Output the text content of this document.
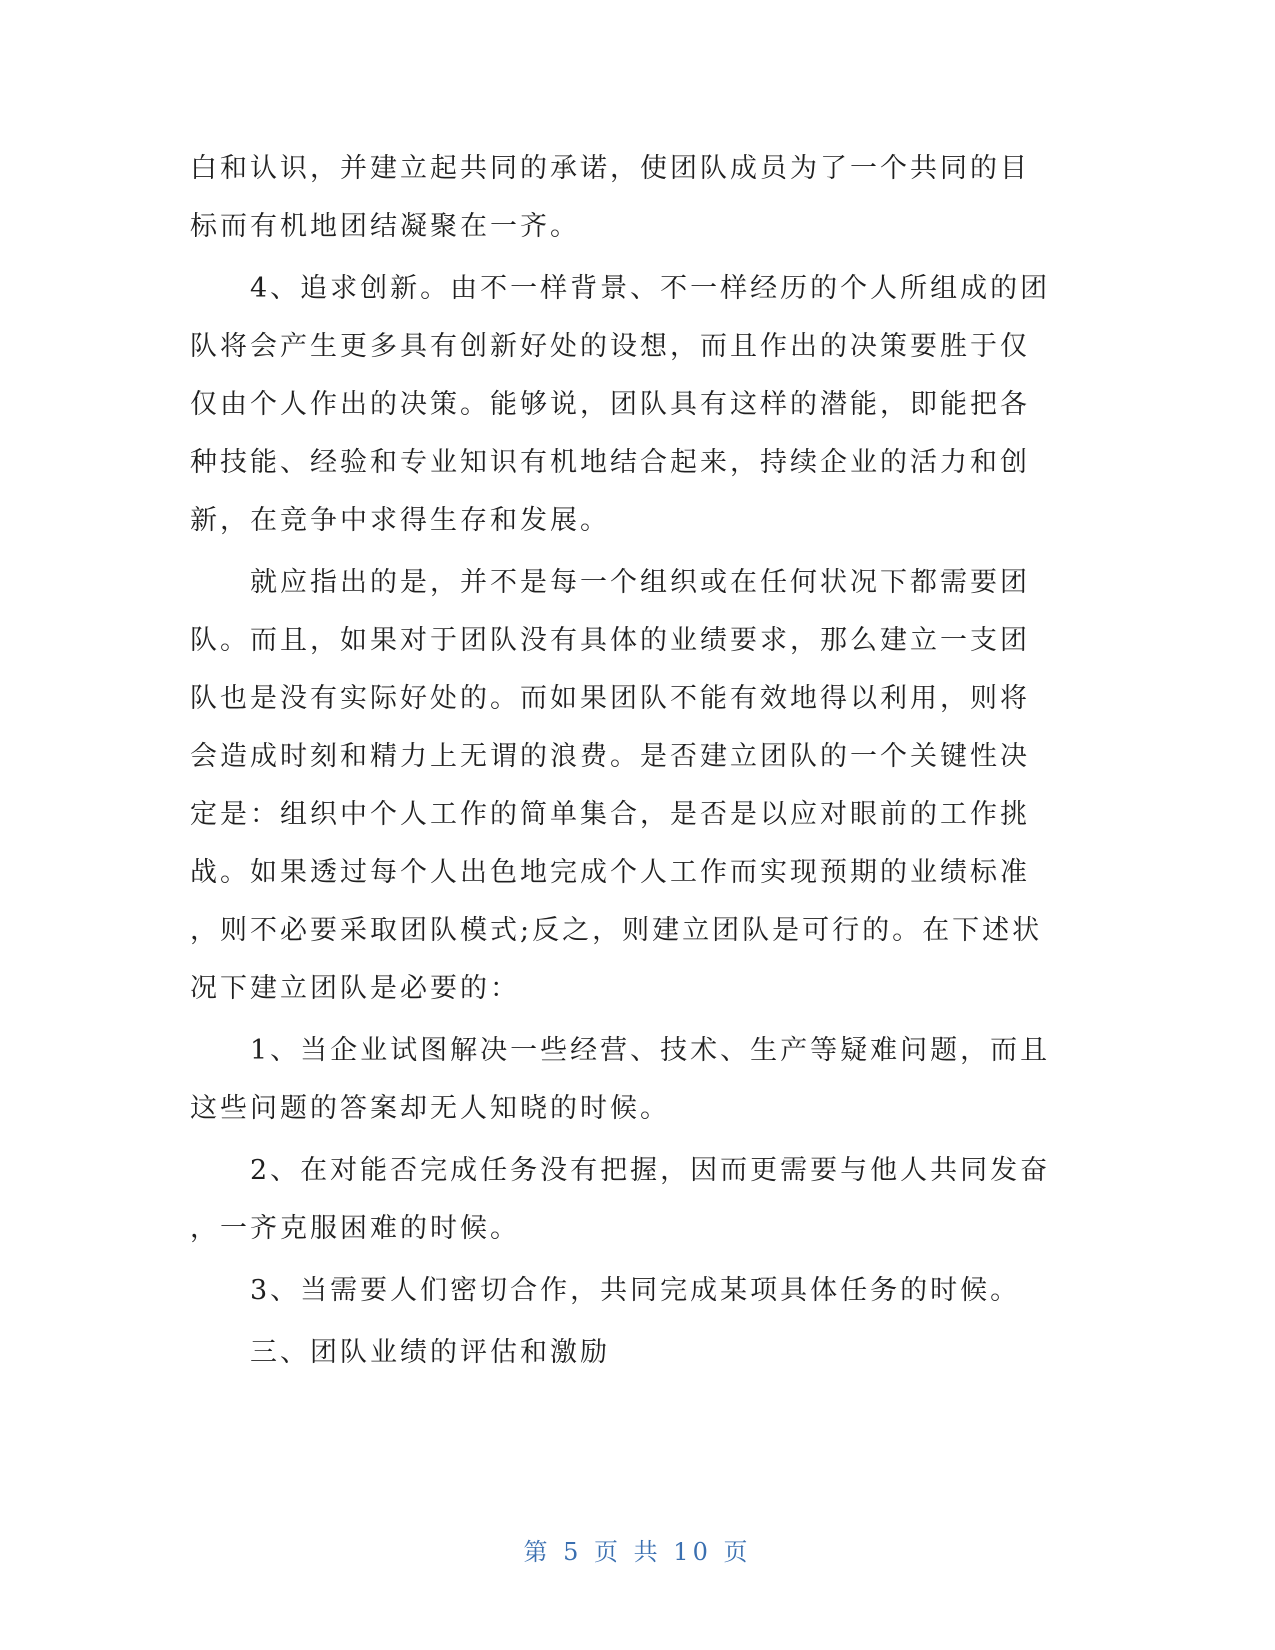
白和认识，并建立起共同的承诺，使团队成员为了一个共同的目
标而有机地团结凝聚在一齐。
　　4、追求创新。由不一样背景、不一样经历的个人所组成的团
队将会产生更多具有创新好处的设想，而且作出的决策要胜于仅
仅由个人作出的决策。能够说，团队具有这样的潜能，即能把各
种技能、经验和专业知识有机地结合起来，持续企业的活力和创
新，在竞争中求得生存和发展。
　　就应指出的是，并不是每一个组织或在任何状况下都需要团
队。而且，如果对于团队没有具体的业绩要求，那么建立一支团
队也是没有实际好处的。而如果团队不能有效地得以利用，则将
会造成时刻和精力上无谓的浪费。是否建立团队的一个关键性决
定是：组织中个人工作的简单集合，是否是以应对眼前的工作挑
战。如果透过每个人出色地完成个人工作而实现预期的业绩标准
，则不必要采取团队模式;反之，则建立团队是可行的。在下述状
况下建立团队是必要的：
　　1、当企业试图解决一些经营、技术、生产等疑难问题，而且
这些问题的答案却无人知晓的时候。
　　2、在对能否完成任务没有把握，因而更需要与他人共同发奋
，一齐克服困难的时候。
　　3、当需要人们密切合作，共同完成某项具体任务的时候。
　　三、团队业绩的评估和激励
第 5 页 共 10 页
